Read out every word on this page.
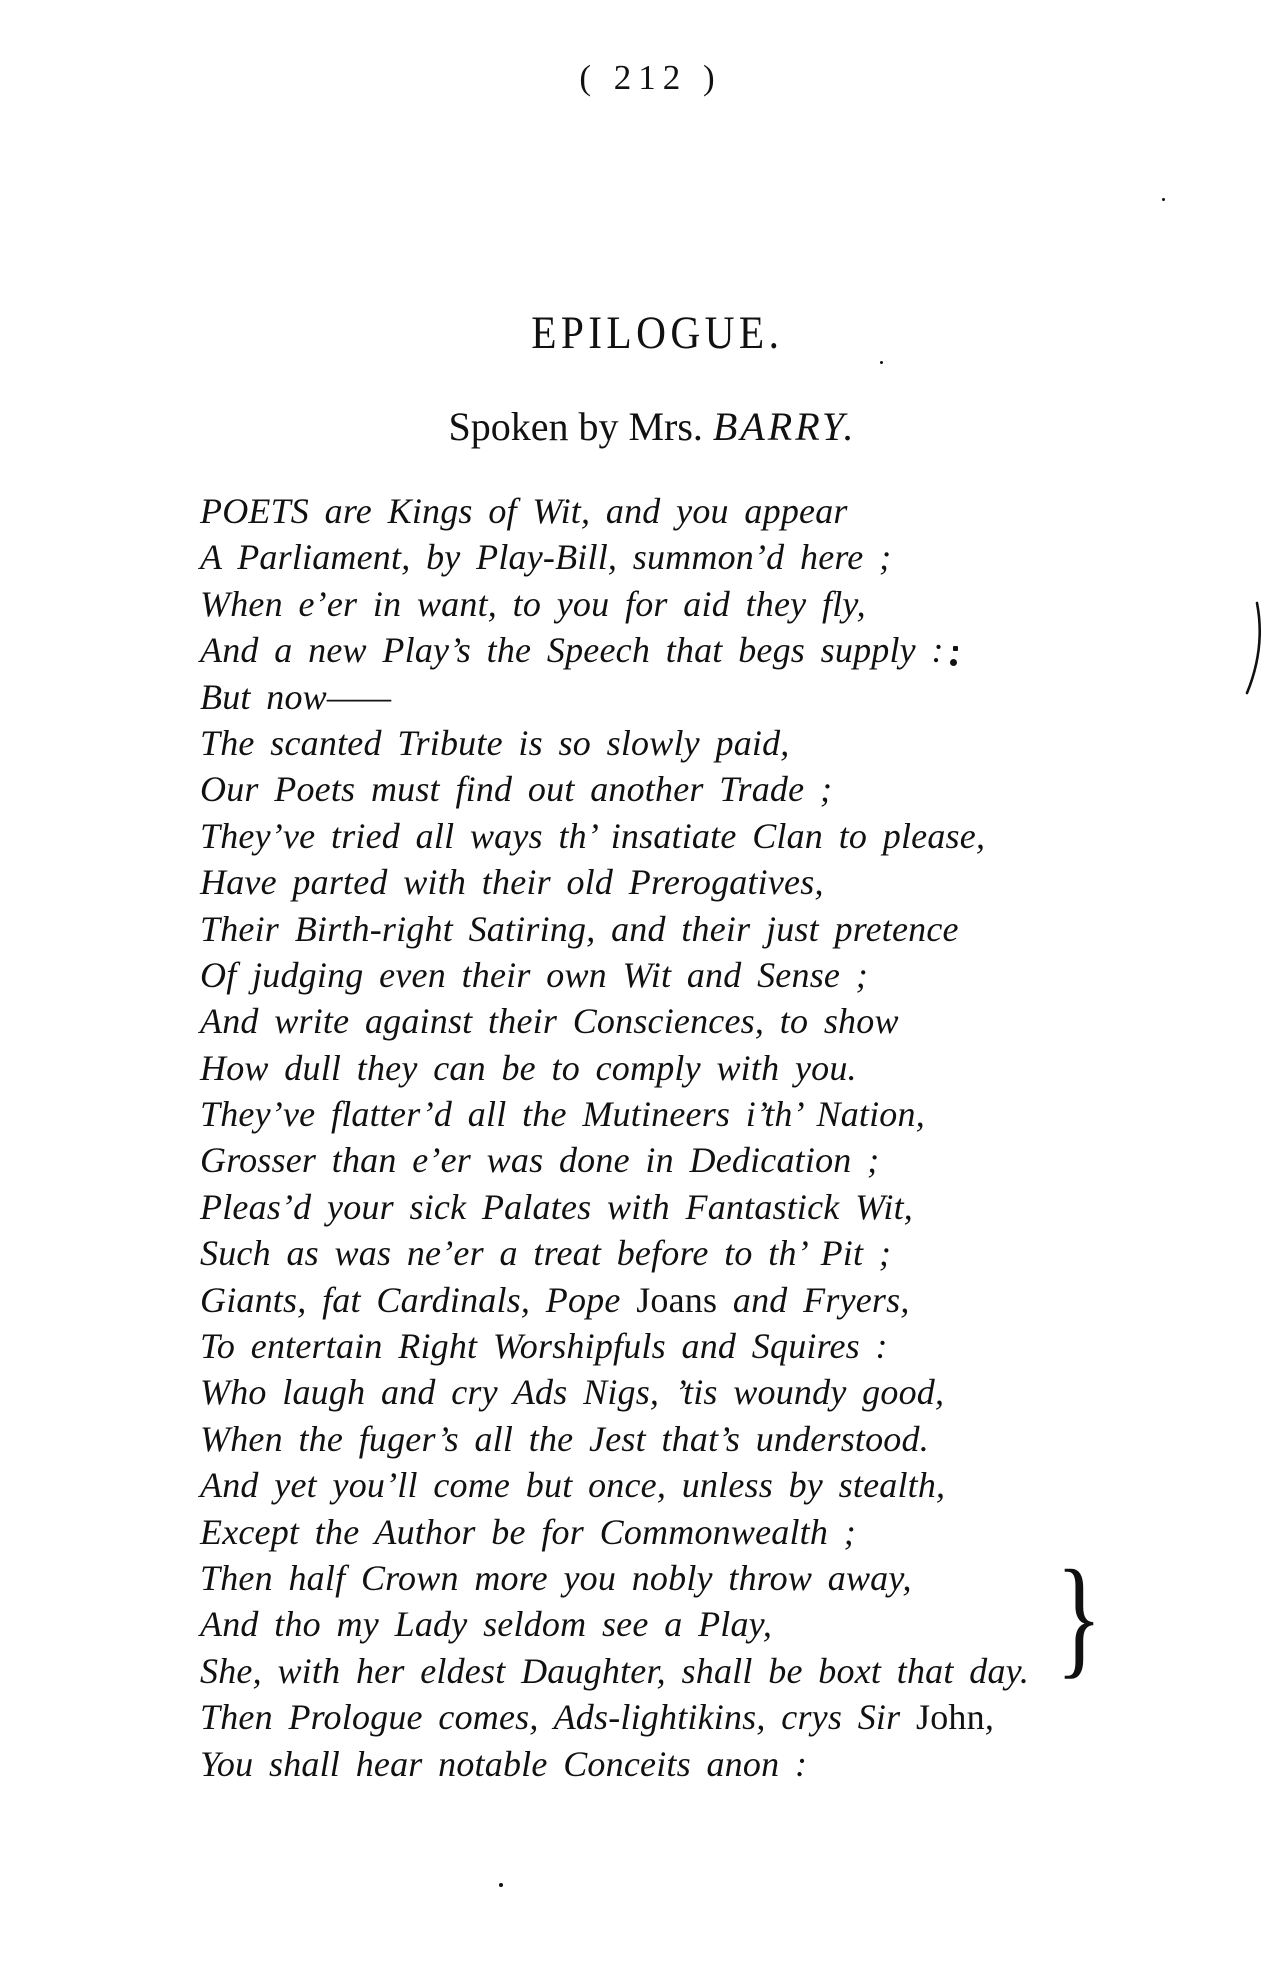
( 212 )
EPILOGUE.
Spoken by Mrs. BARRY.
POETS are Kings of Wit, and you appear
A Parliament, by Play-Bill, summon’d here ;
When e’er in want, to you for aid they fly,
And a new Play’s the Speech that begs supply :
But now——
The scanted Tribute is so slowly paid,
Our Poets must find out another Trade ;
They’ve tried all ways th’ insatiate Clan to please,
Have parted with their old Prerogatives,
Their Birth-right Satiring, and their just pretence
Of judging even their own Wit and Sense ;
And write against their Consciences, to show
How dull they can be to comply with you.
They’ve flatter’d all the Mutineers i’th’ Nation,
Grosser than e’er was done in Dedication ;
Pleas’d your sick Palates with Fantastick Wit,
Such as was ne’er a treat before to th’ Pit ;
Giants, fat Cardinals, Pope Joans and Fryers,
To entertain Right Worshipfuls and Squires :
Who laugh and cry Ads Nigs, ’tis woundy good,
When the fuger’s all the Jest that’s understood.
And yet you’ll come but once, unless by stealth,
Except the Author be for Commonwealth ;
Then half Crown more you nobly throw away,
And tho my Lady seldom see a Play,
She, with her eldest Daughter, shall be boxt that day.
Then Prologue comes, Ads-lightikins, crys Sir John,
You shall hear notable Conceits anon :
}
